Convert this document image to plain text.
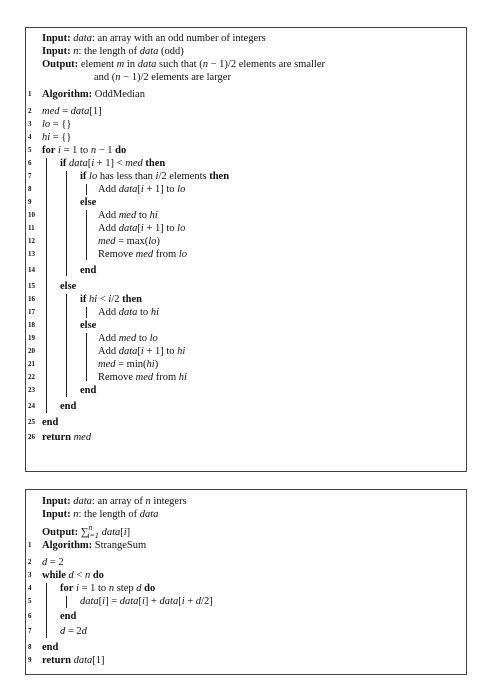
Input: data: an array with an odd number of integers
Input: n: the length of data (odd)
Output: element m in data such that (n − 1)/2 elements are smaller
and (n − 1)/2 elements are larger
1
2
3
4
5
6
7
8
9
10
11
12
13
14
15
16
17
18
19
20
21
22
23
24
25
26
Algorithm: OddMedian
med = data[1]
lo = {}
hi = {}
for i = 1 to n − 1 do
if data[i + 1] < med then
if lo has less than i/2 elements then
Add data[i + 1] to lo
else
Add med to hi
Add data[i + 1] to lo
med = max(lo)
Remove med from lo
end
else
if hi < i/2 then
Add data to hi
else
Add med to lo
Add data[i + 1] to hi
med = min(hi)
Remove med from hi
end
end
end
return med
Input: data: an array of n integers
Input: n: the length of data
Output: ∑$^n_{i=1}$ data[i]
1
2
3
4
5
6
7
8
9
Algorithm: StrangeSum
d = 2
while d < n do
for i = 1 to n step d do
data[i] = data[i] + data[i + d/2]
end
d = 2d
end
return data[1]
